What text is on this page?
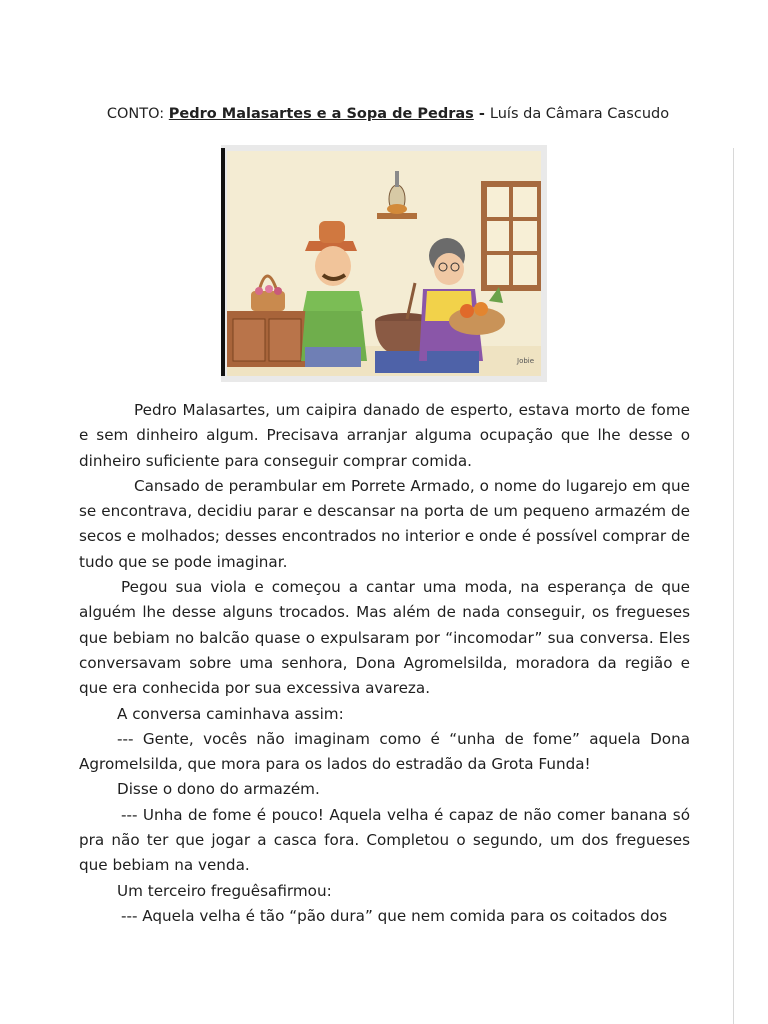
CONTO: Pedro Malasartes e a Sopa de Pedras - Luís da Câmara Cascudo
Jobie

Pedro Malasartes, um caipira danado de esperto, estava morto de fome e sem dinheiro algum. Precisava arranjar alguma ocupação que lhe desse o dinheiro suficiente para conseguir comprar comida.

Cansado de perambular em Porrete Armado, o nome do lugarejo em que se encontrava, decidiu parar e descansar na porta de um pequeno armazém de secos e molhados; desses encontrados no interior e onde é possível comprar de tudo que se pode imaginar.

Pegou sua viola e começou a cantar uma moda, na esperança de que alguém lhe desse alguns trocados. Mas além de nada conseguir, os fregueses que bebiam no balcão quase o expulsaram por “incomodar” sua conversa. Eles conversavam sobre uma senhora, Dona Agromelsilda, moradora da região e que era conhecida por sua excessiva avareza.

A conversa caminhava assim:

--- Gente, vocês não imaginam como é “unha de fome” aquela Dona Agromelsilda, que mora para os lados do estradão da Grota Funda!

Disse o dono do armazém.

--- Unha de fome é pouco! Aquela velha é capaz de não comer banana só pra não ter que jogar a casca fora. Completou o segundo, um dos fregueses que bebiam na venda.

Um terceiro freguêsafirmou:

--- Aquela velha é tão “pão dura” que nem comida para os coitados dos
